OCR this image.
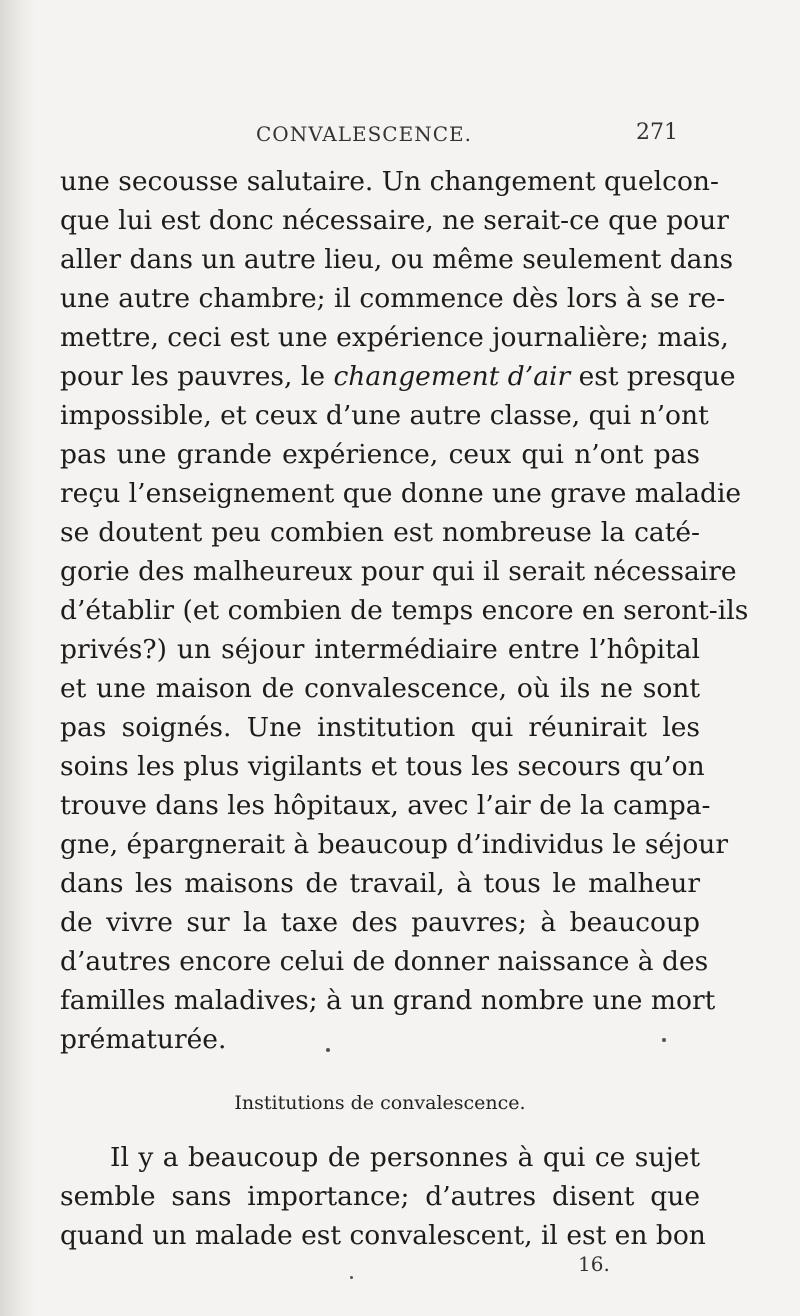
CONVALESCENCE.	271
une secousse salutaire. Un changement quelcon-
que lui est donc nécessaire, ne serait-ce que pour
aller dans un autre lieu, ou même seulement dans
une autre chambre; il commence dès lors à se re-
mettre, ceci est une expérience journalière; mais,
pour les pauvres, le changement d’air est presque
impossible, et ceux d’une autre classe, qui n’ont
pas une grande expérience, ceux qui n’ont pas
reçu l’enseignement que donne une grave maladie
se doutent peu combien est nombreuse la caté-
gorie des malheureux pour qui il serait nécessaire
d’établir (et combien de temps encore en seront-ils
privés?) un séjour intermédiaire entre l’hôpital
et une maison de convalescence, où ils ne sont
pas soignés. Une institution qui réunirait les
soins les plus vigilants et tous les secours qu’on
trouve dans les hôpitaux, avec l’air de la campa-
gne, épargnerait à beaucoup d’individus le séjour
dans les maisons de travail, à tous le malheur
de vivre sur la taxe des pauvres; à beaucoup
d’autres encore celui de donner naissance à des
familles maladives; à un grand nombre une mort
prématurée.
Institutions de convalescence.
Il y a beaucoup de personnes à qui ce sujet
semble sans importance; d’autres disent que
quand un malade est convalescent, il est en bon
16.
